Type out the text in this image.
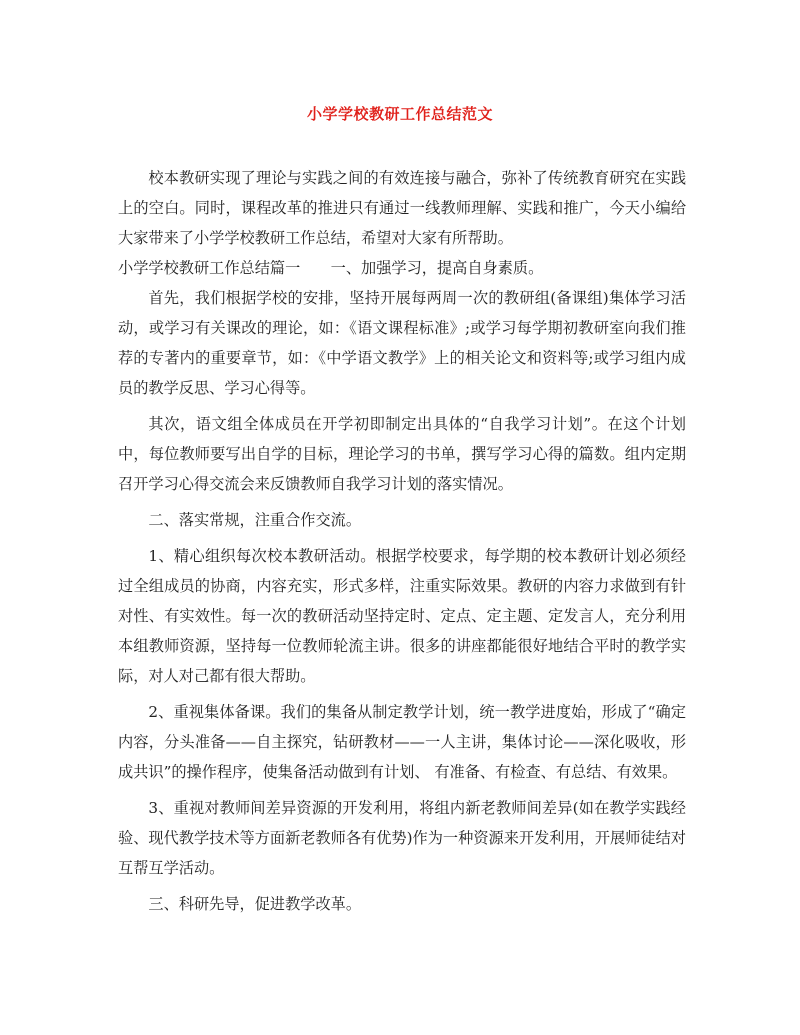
小学学校教研工作总结范文

校本教研实现了理论与实践之间的有效连接与融合，弥补了传统教育研究在实践上的空白。同时，课程改革的推进只有通过一线教师理解、实践和推广，今天小编给大家带来了小学学校教研工作总结，希望对大家有所帮助。

小学学校教研工作总结篇一　　一、加强学习，提高自身素质。

首先，我们根据学校的安排，坚持开展每两周一次的教研组(备课组)集体学习活动，或学习有关课改的理论，如：《语文课程标准》;或学习每学期初教研室向我们推荐的专著内的重要章节，如：《中学语文教学》上的相关论文和资料等;或学习组内成员的教学反思、学习心得等。

其次，语文组全体成员在开学初即制定出具体的“自我学习计划”。在这个计划中，每位教师要写出自学的目标，理论学习的书单，撰写学习心得的篇数。组内定期召开学习心得交流会来反馈教师自我学习计划的落实情况。

二、落实常规，注重合作交流。

1、精心组织每次校本教研活动。根据学校要求，每学期的校本教研计划必须经过全组成员的协商，内容充实，形式多样，注重实际效果。教研的内容力求做到有针对性、有实效性。每一次的教研活动坚持定时、定点、定主题、定发言人，充分利用本组教师资源，坚持每一位教师轮流主讲。很多的讲座都能很好地结合平时的教学实际，对人对己都有很大帮助。

2、重视集体备课。我们的集备从制定教学计划，统一教学进度始，形成了“确定内容，分头准备——自主探究，钻研教材——一人主讲，集体讨论——深化吸收，形成共识”的操作程序，使集备活动做到有计划、 有准备、有检查、有总结、有效果。

3、重视对教师间差异资源的开发利用，将组内新老教师间差异(如在教学实践经验、现代教学技术等方面新老教师各有优势)作为一种资源来开发利用，开展师徒结对互帮互学活动。

三、科研先导，促进教学改革。
